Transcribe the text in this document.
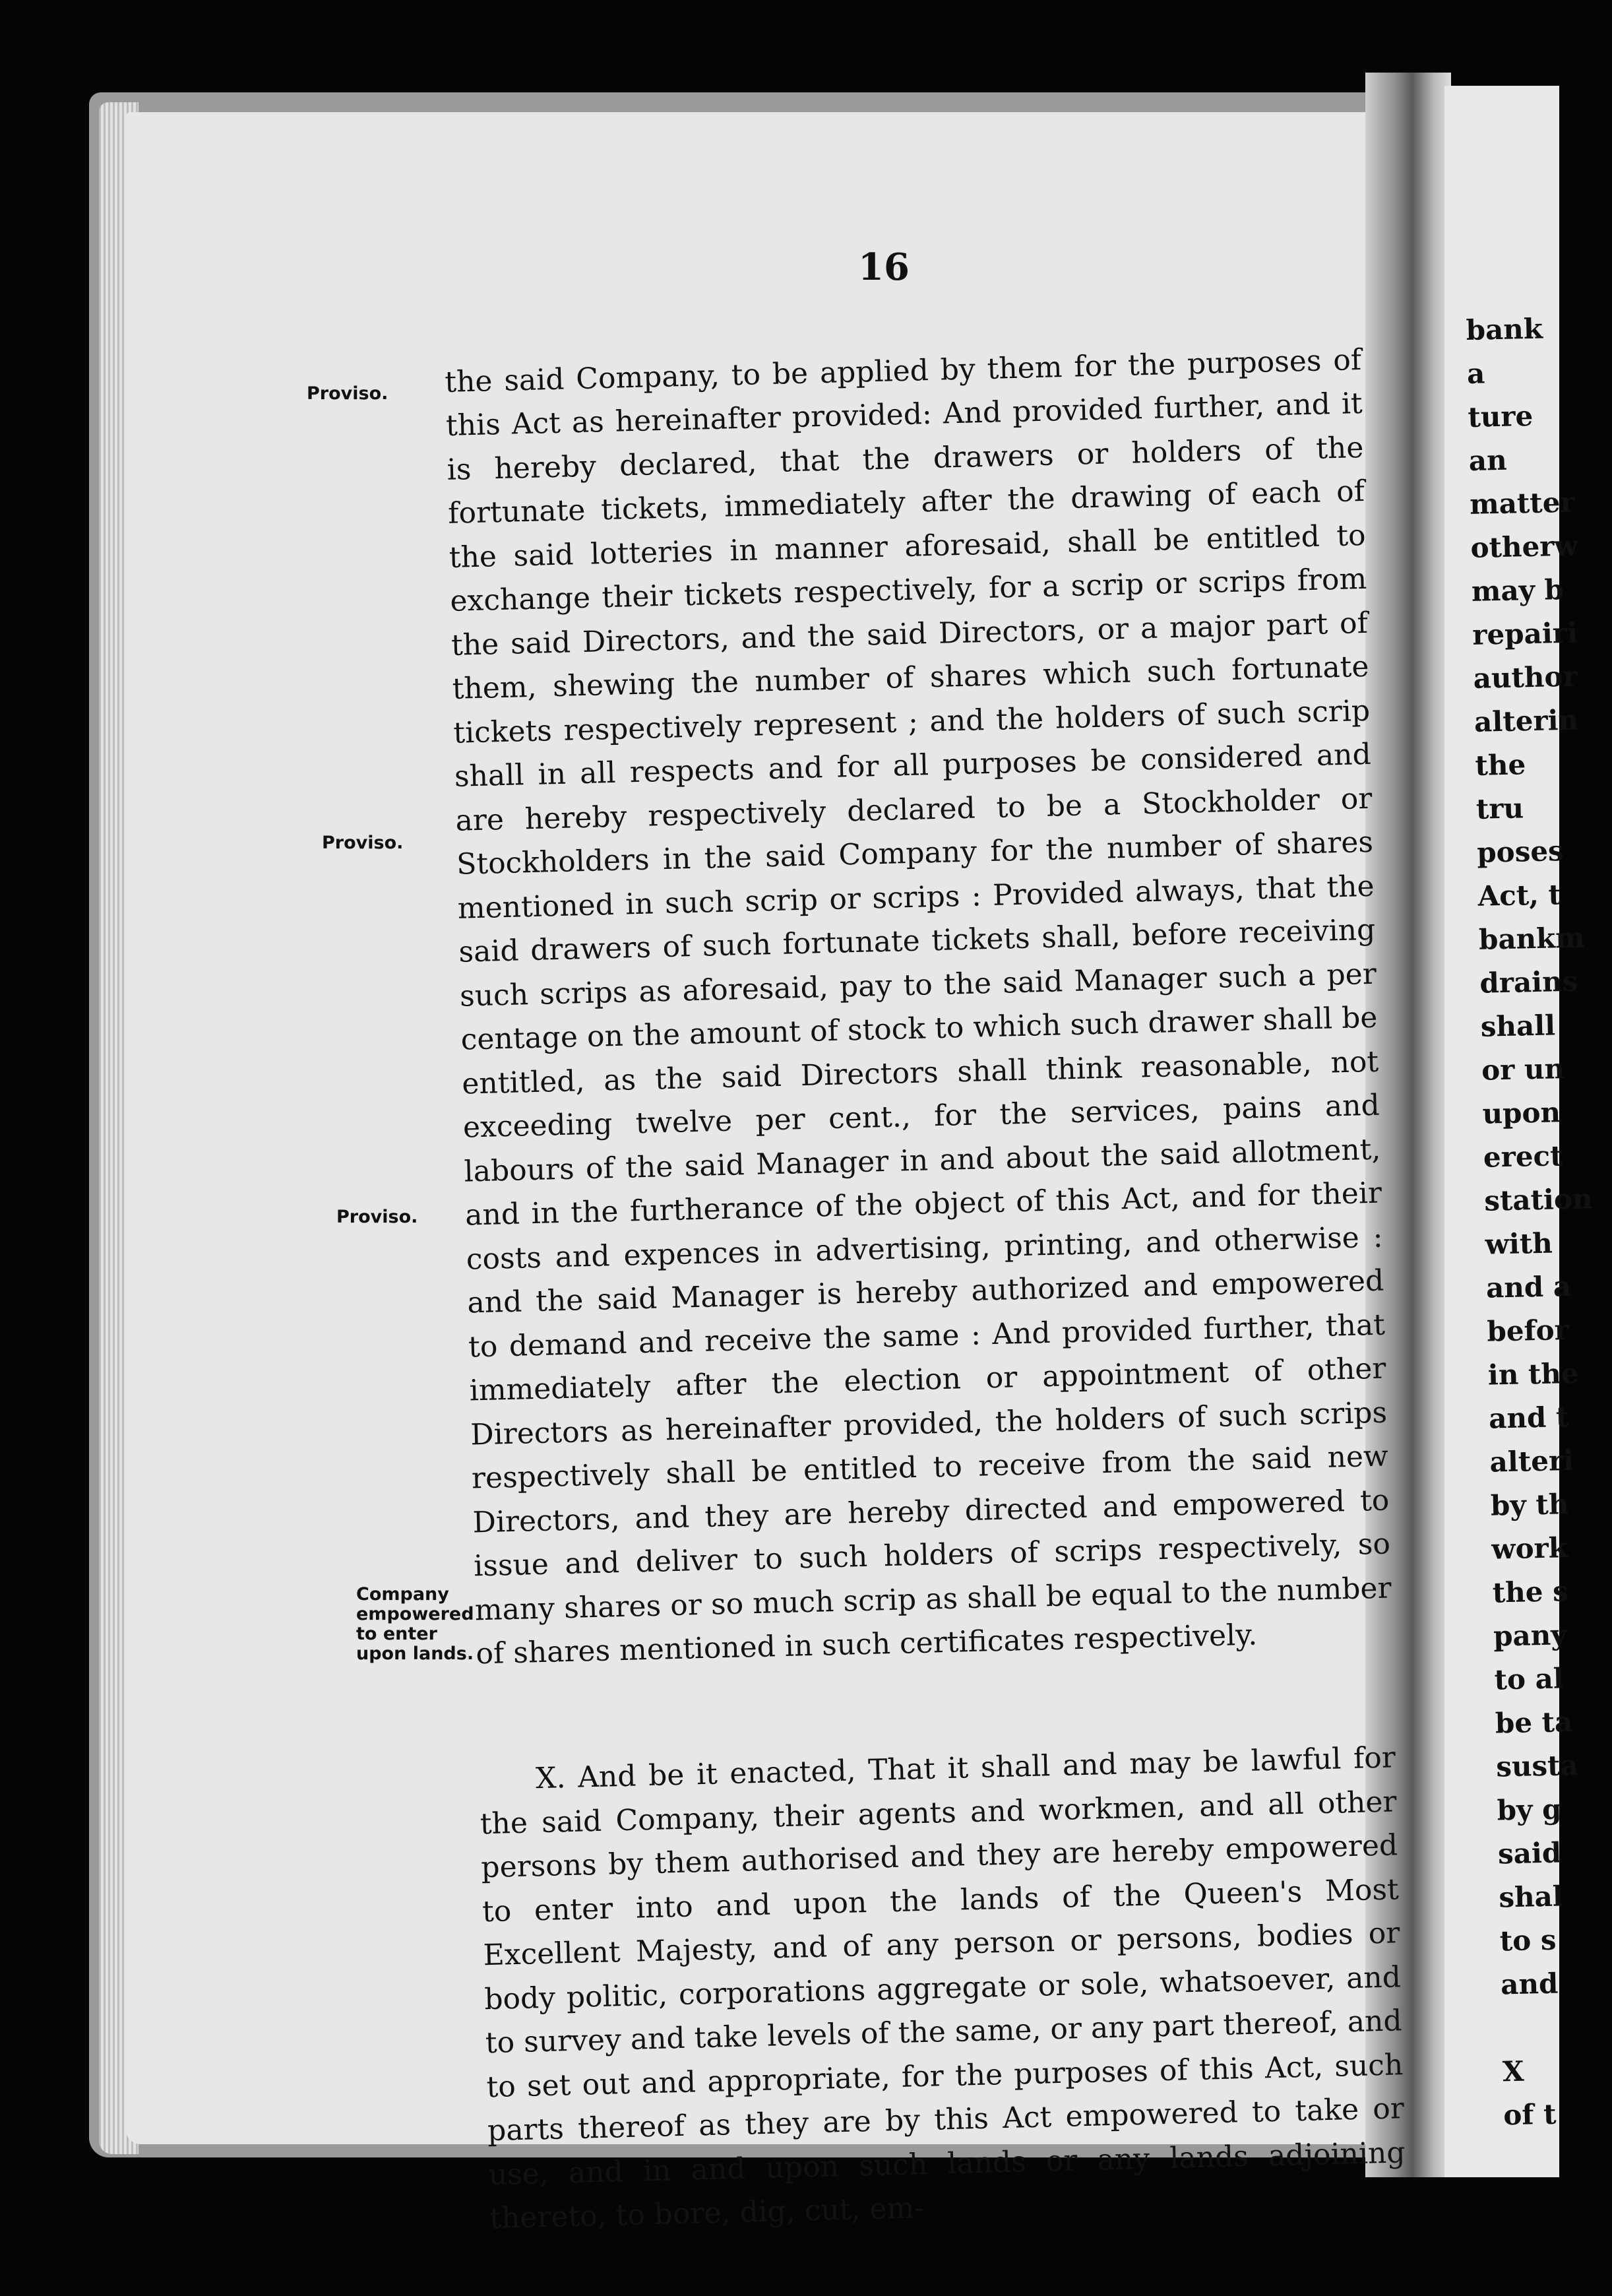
16
Proviso.
Proviso.
Proviso.
Company empowered to enter upon lands.

the said Company, to be applied by them for the purposes of this Act as hereinafter provided: And provided further, and it is hereby declared, that the drawers or holders of the fortunate tickets, immediately after the drawing of each of the said lotteries in manner aforesaid, shall be entitled to exchange their tickets respectively, for a scrip or scrips from the said Directors, and the said Directors, or a major part of them, shewing the number of shares which such fortunate tickets respectively represent ; and the holders of such scrip shall in all respects and for all purposes be considered and are hereby respectively declared to be a Stockholder or Stockholders in the said Company for the number of shares mentioned in such scrip or scrips : Provided always, that the said drawers of such fortunate tickets shall, before receiving such scrips as aforesaid, pay to the said Manager such a per centage on the amount of stock to which such drawer shall be entitled, as the said Directors shall think reasonable, not exceeding twelve per cent., for the services, pains and labours of the said Manager in and about the said allotment, and in the furtherance of the object of this Act, and for their costs and expences in advertising, printing, and otherwise : and the said Manager is hereby authorized and empowered to demand and receive the same : And provided further, that immediately after the election or appointment of other Directors as hereinafter provided, the holders of such scrips respectively shall be entitled to receive from the said new Directors, and they are hereby directed and empowered to issue and deliver to such holders of scrips respectively, so many shares or so much scrip as shall be equal to the number of shares mentioned in such certificates respectively.

X. And be it enacted, That it shall and may be lawful for the said Company, their agents and workmen, and all other persons by them authorised and they are hereby empowered to enter into and upon the lands of the Queen's Most Excellent Majesty, and of any person or persons, bodies or body politic, corporations aggregate or sole, whatsoever, and to survey and take levels of the same, or any part thereof, and to set out and appropriate, for the purposes of this Act, such parts thereof as they are by this Act empowered to take or use, and in and upon such lands or any lands adjoining thereto, to bore, dig, cut, em-

bank a
ture an
matter
otherw
may b
repairi
author
alterin
the tru
poses
Act, t
bankm
drains
shall
or un
upon
erect
station
with
and a
befor
in the
and t
alteri
by th
work
the s
pany
to al
be ta
susta
by g
said
shal
to s
and

X
of t
